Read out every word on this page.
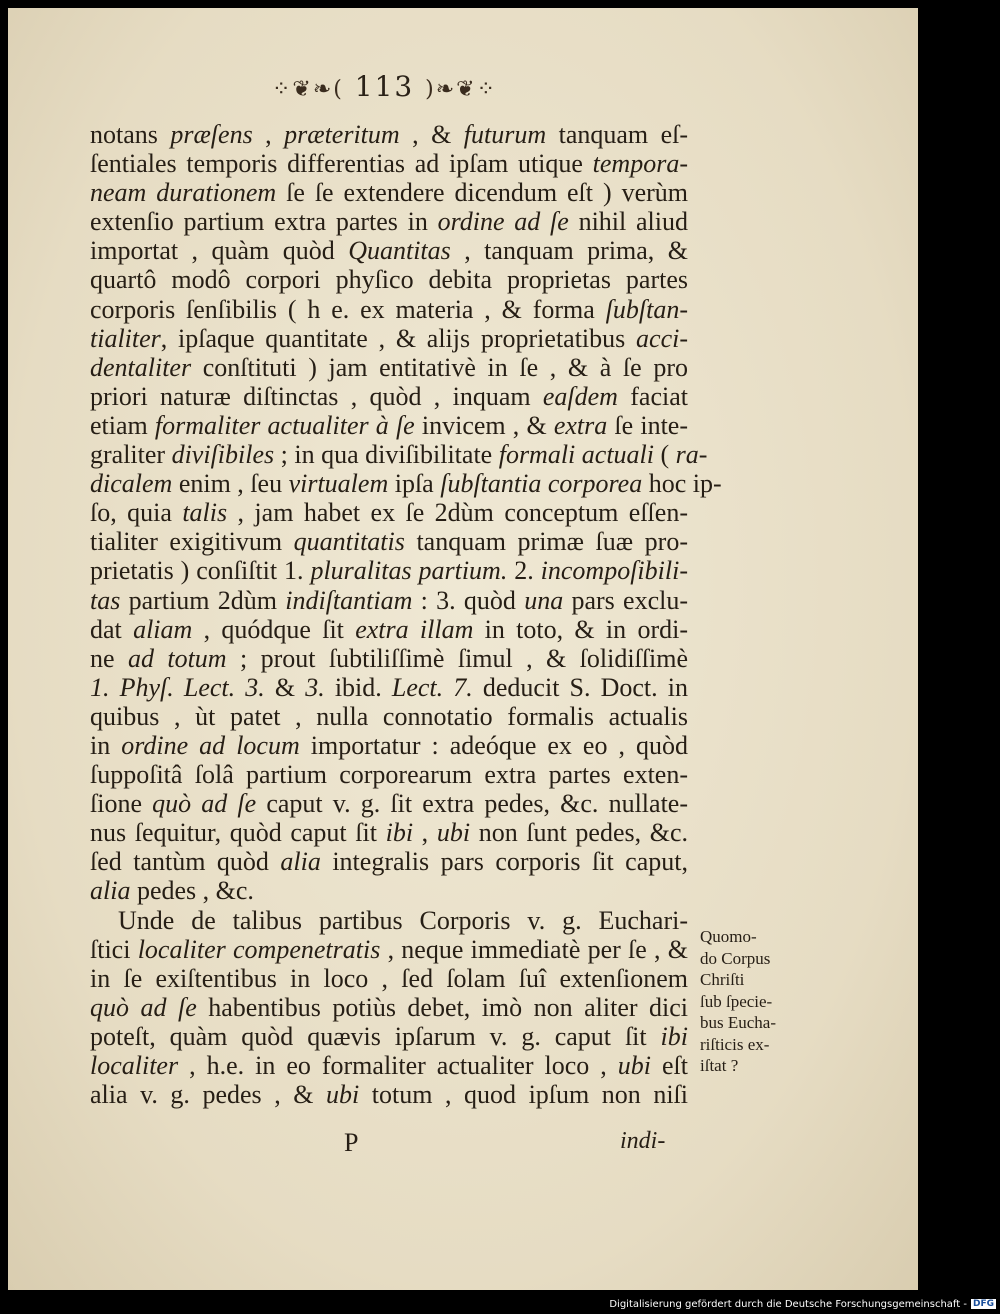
⁘❦❧( 113 )❧❦⁘
notans præſens , præteritum , & futurum tanquam eſ-
ſentiales temporis differentias ad ipſam utique tempora-
neam durationem ſe ſe extendere dicendum eſt ) verùm
extenſio partium extra partes in ordine ad ſe nihil aliud
importat , quàm quòd Quantitas , tanquam prima, &
quartô modô corpori phyſico debita proprietas partes
corporis ſenſibilis ( h e. ex materia , & forma ſubſtan-
tialiter, ipſaque quantitate , & alijs proprietatibus acci-
dentaliter conſtituti ) jam entitativè in ſe , & à ſe pro
priori naturæ diſtinctas , quòd , inquam eaſdem faciat
etiam formaliter actualiter à ſe invicem , & extra ſe inte-
graliter diviſibiles ; in qua diviſibilitate formali actuali ( ra-
dicalem enim , ſeu virtualem ipſa ſubſtantia corporea hoc ip-
ſo, quia talis , jam habet ex ſe 2dùm conceptum eſſen-
tialiter exigitivum quantitatis tanquam primæ ſuæ pro-
prietatis ) conſiſtit 1. pluralitas partium. 2. incompoſibili-
tas partium 2dùm indiſtantiam : 3. quòd una pars exclu-
dat aliam , quódque ſit extra illam in toto, & in ordi-
ne ad totum ; prout ſubtiliſſimè ſimul , & ſolidiſſimè
1. Phyſ. Lect. 3. & 3. ibid. Lect. 7. deducit S. Doct. in
quibus , ùt patet , nulla connotatio formalis actualis
in ordine ad locum importatur : adeóque ex eo , quòd
ſuppoſitâ ſolâ partium corporearum extra partes exten-
ſione quò ad ſe caput v. g. ſit extra pedes, &c. nullate-
nus ſequitur, quòd caput ſit ibi , ubi non ſunt pedes, &c.
ſed tantùm quòd alia integralis pars corporis ſit caput,
alia pedes , &c.
Unde de talibus partibus Corporis v. g. Euchari-
ſtici localiter compenetratis , neque immediatè per ſe , &
in ſe exiſtentibus in loco , ſed ſolam ſuî extenſionem
quò ad ſe habentibus potiùs debet, imò non aliter dici
poteſt, quàm quòd quævis ipſarum v. g. caput ſit ibi
localiter , h.e. in eo formaliter actualiter loco , ubi eſt
alia v. g. pedes , & ubi totum , quod ipſum non niſi
Quomo-
do Corpus
Chriſti
ſub ſpecie-
bus Eucha-
riſticis ex-
iſtat ?
P	indi-
Digitalisierung gefördert durch die Deutsche Forschungsgemeinschaft - DFG
